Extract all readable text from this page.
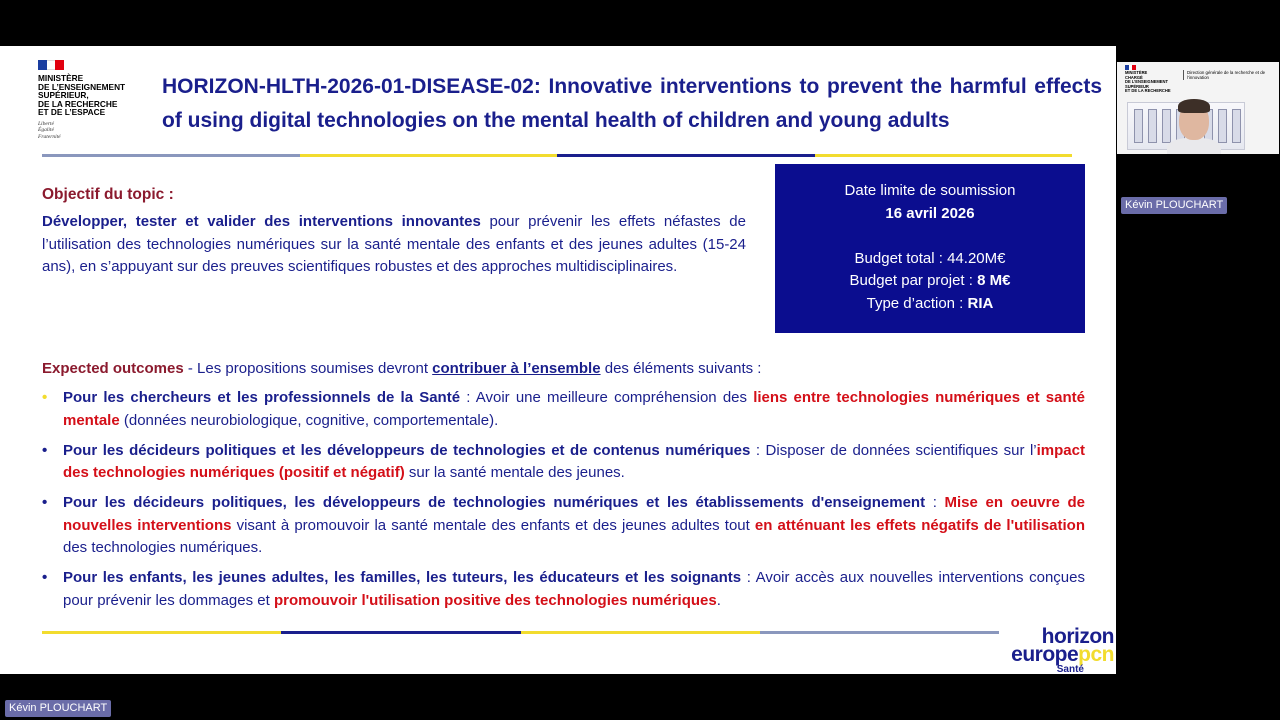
MINISTÈRE
DE L’ENSEIGNEMENT
SUPÉRIEUR,
DE LA RECHERCHE
ET DE L’ESPACE
Liberté
Égalité
Fraternité
HORIZON-HLTH-2026-01-DISEASE-02: Innovative interventions to prevent the harmful effects of using digital technologies on the mental health of children and young adults
Objectif du topic :
Développer, tester et valider des interventions innovantes pour prévenir les effets néfastes de l’utilisation des technologies numériques sur la santé mentale des enfants et des jeunes adultes (15-24 ans), en s’appuyant sur des preuves scientifiques robustes et des approches multidisciplinaires.
Date limite de soumission
16 avril 2026
Budget total : 44.20M€
Budget par projet : 8 M€
Type d’action : RIA
Expected outcomes - Les propositions soumises devront contribuer à l’ensemble des éléments suivants :
• Pour les chercheurs et les professionnels de la Santé : Avoir une meilleure compréhension des liens entre technologies numériques et santé mentale (données neurobiologique, cognitive, comportementale).
• Pour les décideurs politiques et les développeurs de technologies et de contenus numériques : Disposer de données scientifiques sur l’impact des technologies numériques (positif et négatif) sur la santé mentale des jeunes.
• Pour les décideurs politiques, les développeurs de technologies numériques et les établissements d'enseignement : Mise en oeuvre de nouvelles interventions visant à promouvoir la santé mentale des enfants et des jeunes adultes tout en atténuant les effets négatifs de l'utilisation des technologies numériques.
• Pour les enfants, les jeunes adultes, les familles, les tuteurs, les éducateurs et les soignants : Avoir accès aux nouvelles interventions conçues pour prévenir les dommages et promouvoir l'utilisation positive des technologies numériques.
horizon
europepcn
Santé
MINISTÈRE
CHARGÉ
DE L’ENSEIGNEMENT
SUPÉRIEUR
ET DE LA RECHERCHE
Direction générale de la recherche et de l’innovation
Kévin PLOUCHART
Kévin PLOUCHART
